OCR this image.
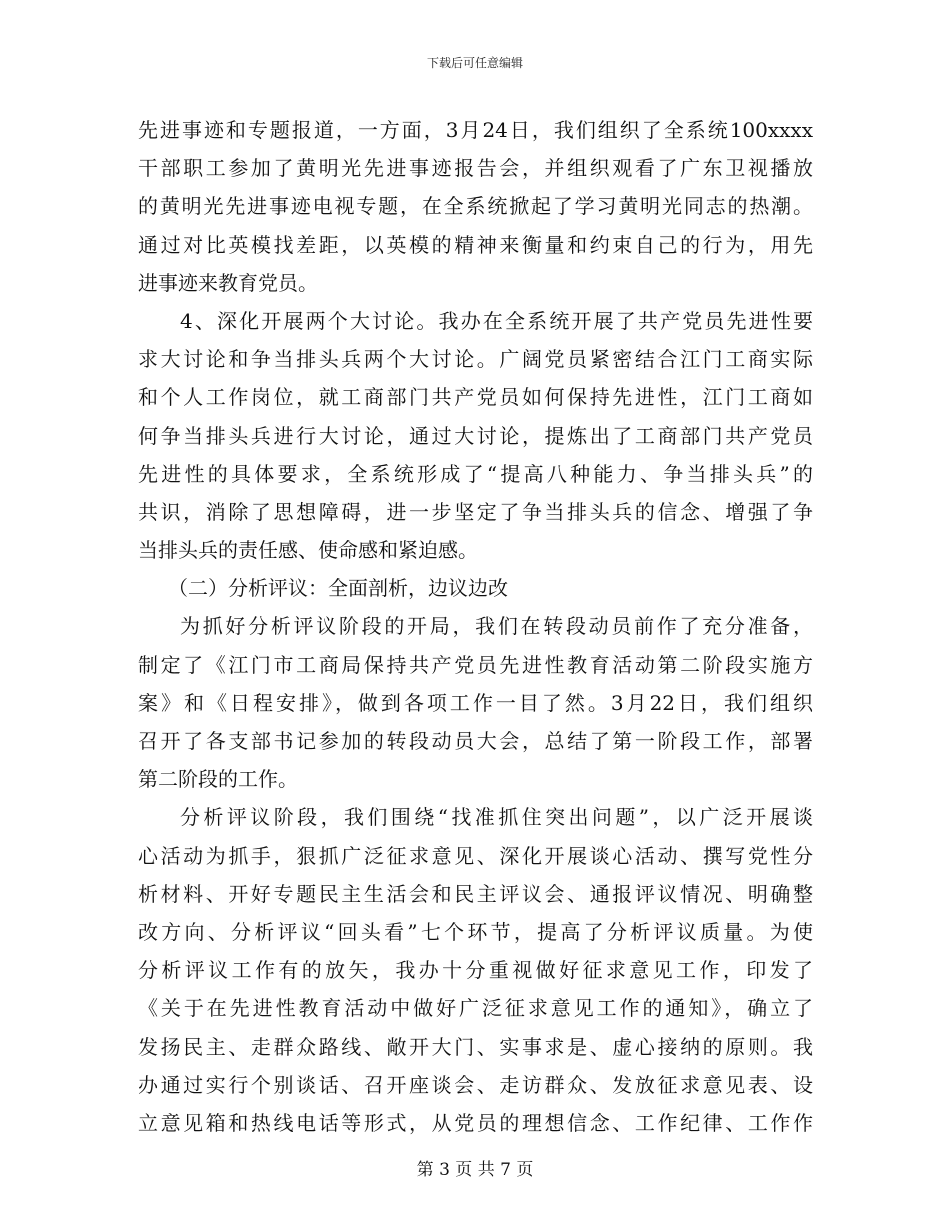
下载后可任意编辑
先进事迹和专题报道，一方面，3月24日，我们组织了全系统100xxxx
干部职工参加了黄明光先进事迹报告会，并组织观看了广东卫视播放
的黄明光先进事迹电视专题，在全系统掀起了学习黄明光同志的热潮。
通过对比英模找差距，以英模的精神来衡量和约束自己的行为，用先
进事迹来教育党员。
4、深化开展两个大讨论。我办在全系统开展了共产党员先进性要
求大讨论和争当排头兵两个大讨论。广阔党员紧密结合江门工商实际
和个人工作岗位，就工商部门共产党员如何保持先进性，江门工商如
何争当排头兵进行大讨论，通过大讨论，提炼出了工商部门共产党员
先进性的具体要求，全系统形成了“提高八种能力、争当排头兵”的
共识，消除了思想障碍，进一步坚定了争当排头兵的信念、增强了争
当排头兵的责任感、使命感和紧迫感。
（二）分析评议：全面剖析，边议边改
为抓好分析评议阶段的开局，我们在转段动员前作了充分准备，
制定了《江门市工商局保持共产党员先进性教育活动第二阶段实施方
案》和《日程安排》，做到各项工作一目了然。3月22日，我们组织
召开了各支部书记参加的转段动员大会，总结了第一阶段工作，部署
第二阶段的工作。
分析评议阶段，我们围绕“找准抓住突出问题”，以广泛开展谈
心活动为抓手，狠抓广泛征求意见、深化开展谈心活动、撰写党性分
析材料、开好专题民主生活会和民主评议会、通报评议情况、明确整
改方向、分析评议“回头看”七个环节，提高了分析评议质量。为使
分析评议工作有的放矢，我办十分重视做好征求意见工作，印发了
《关于在先进性教育活动中做好广泛征求意见工作的通知》，确立了
发扬民主、走群众路线、敞开大门、实事求是、虚心接纳的原则。我
办通过实行个别谈话、召开座谈会、走访群众、发放征求意见表、设
立意见箱和热线电话等形式，从党员的理想信念、工作纪律、工作作
第 3 页 共 7 页
